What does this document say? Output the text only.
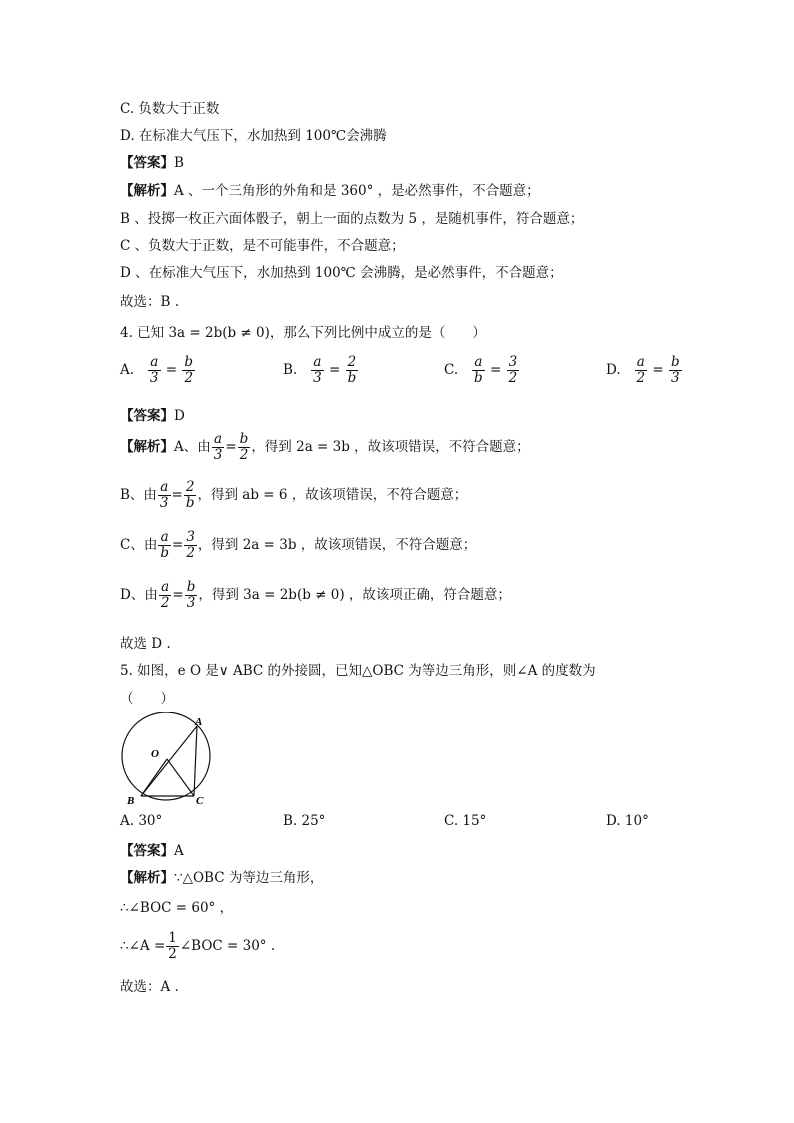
C. 负数大于正数
D. 在标准大气压下，水加热到 100℃会沸腾
【答案】B
【解析】A 、一个三角形的外角和是 360° ，是必然事件，不合题意；
B 、投掷一枚正六面体骰子，朝上一面的点数为 5 ，是随机事件，符合题意；
C 、负数大于正数，是不可能事件，不合题意；
D 、在标准大气压下，水加热到 100℃ 会沸腾，是必然事件，不合题意；
故选：B .
4. 已知 3a = 2b(b ≠ 0)，那么下列比例中成立的是（　　）
A. $\frac{a}{3} = \frac{b}{2}$	B. $\frac{a}{3} = \frac{2}{b}$	C. $\frac{a}{b} = \frac{3}{2}$	D. $\frac{a}{2} = \frac{b}{3}$
【答案】D
【解析】A、由 $\frac{a}{3} = \frac{b}{2}$ ，得到 2a = 3b ，故该项错误，不符合题意；
B、由 $\frac{a}{3} = \frac{2}{b}$ ，得到 ab = 6 ，故该项错误，不符合题意；
C、由 $\frac{a}{b} = \frac{3}{2}$ ，得到 2a = 3b ，故该项错误，不符合题意；
D、由 $\frac{a}{2} = \frac{b}{3}$ ，得到 3a = 2b(b ≠ 0) ，故该项正确，符合题意；
故选 D .
5. 如图，e O 是∨ ABC 的外接圆，已知△OBC 为等边三角形，则∠A 的度数为
（　　）
A
O
B	C
A. 30°	B. 25°	C. 15°	D. 10°
【答案】A
【解析】∵△OBC 为等边三角形，
∴∠BOC = 60° ，
∴∠A = $\frac{1}{2}$ ∠BOC = 30° .
故选：A .
